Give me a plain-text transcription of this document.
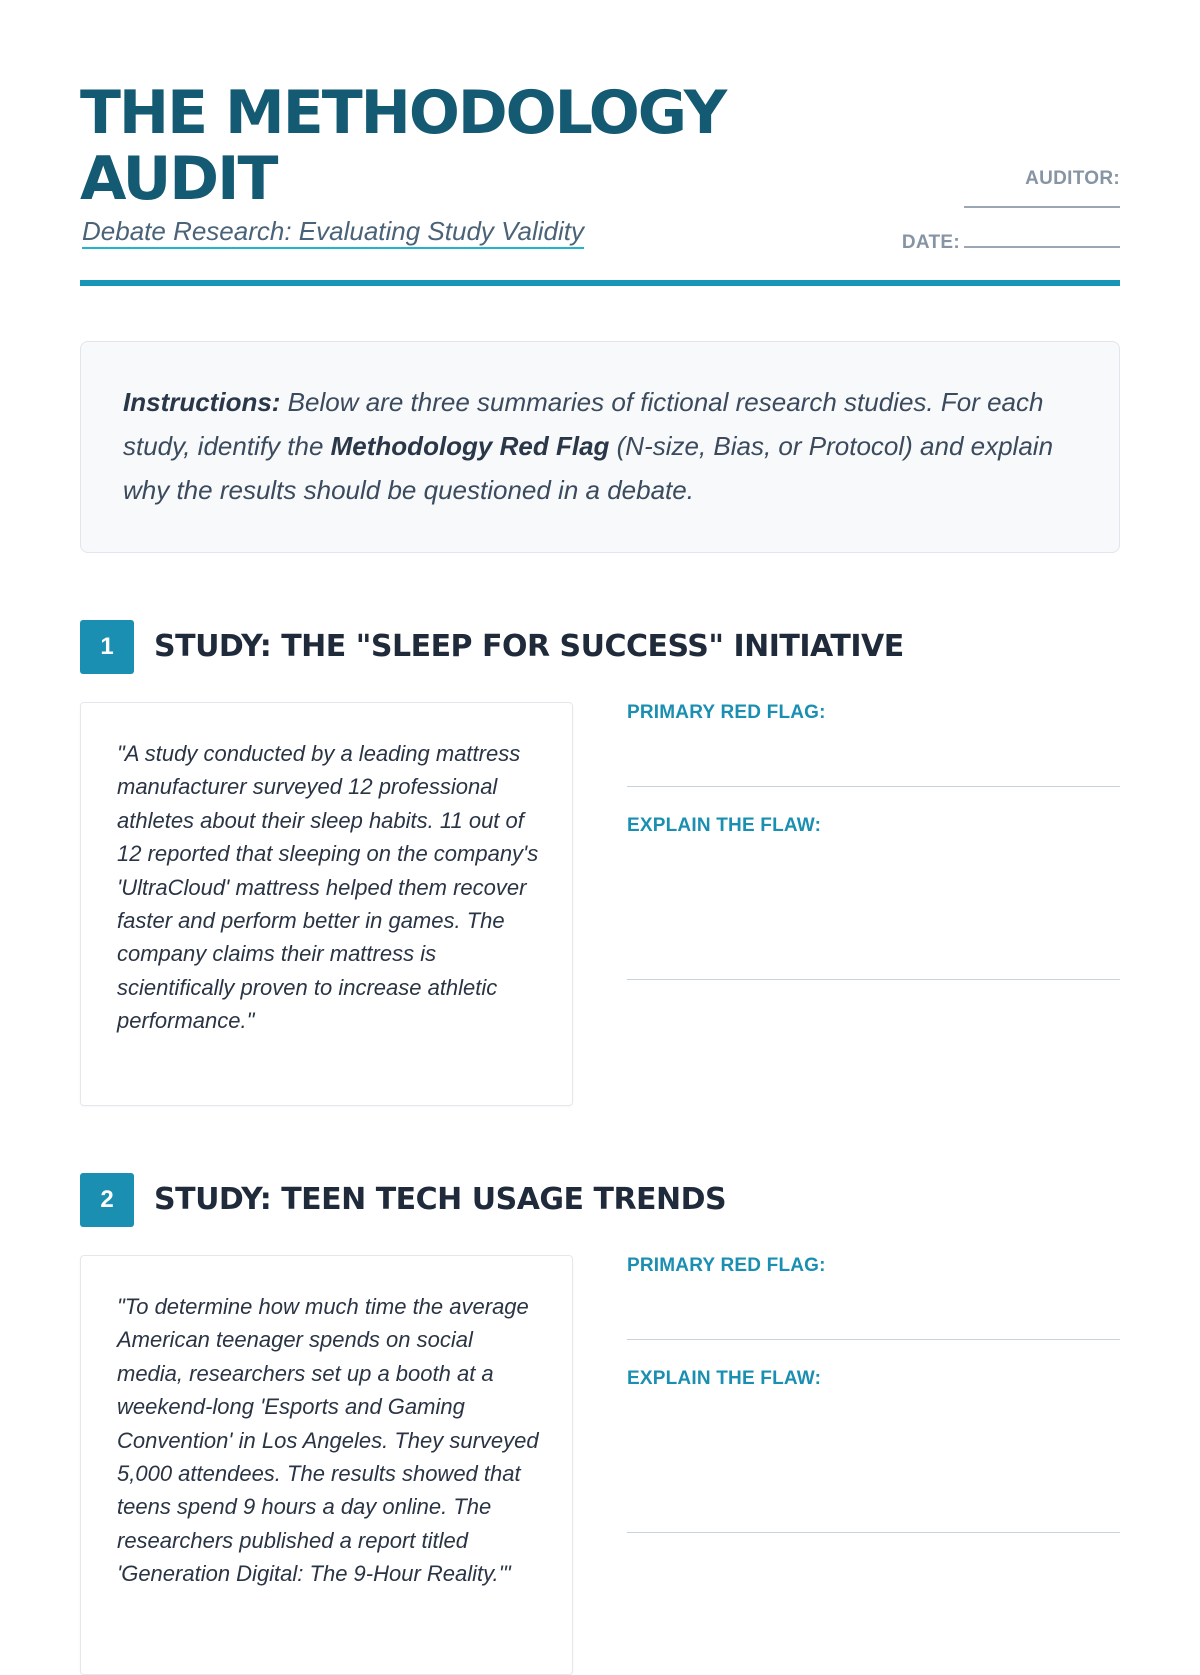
THE METHODOLOGY
AUDIT
Debate Research: Evaluating Study Validity
AUDITOR:
DATE:

Instructions: Below are three summaries of fictional research studies. For each study, identify the Methodology Red Flag (N-size, Bias, or Protocol) and explain why the results should be questioned in a debate.

1	STUDY: THE "SLEEP FOR SUCCESS" INITIATIVE

"A study conducted by a leading mattress manufacturer surveyed 12 professional athletes about their sleep habits. 11 out of 12 reported that sleeping on the company's 'UltraCloud' mattress helped them recover faster and perform better in games. The company claims their mattress is scientifically proven to increase athletic performance."

PRIMARY RED FLAG:
EXPLAIN THE FLAW:
2	STUDY: TEEN TECH USAGE TRENDS

"To determine how much time the average American teenager spends on social media, researchers set up a booth at a weekend-long 'Esports and Gaming Convention' in Los Angeles. They surveyed 5,000 attendees. The results showed that teens spend 9 hours a day online. The researchers published a report titled 'Generation Digital: The 9-Hour Reality.'"

PRIMARY RED FLAG:
EXPLAIN THE FLAW:
